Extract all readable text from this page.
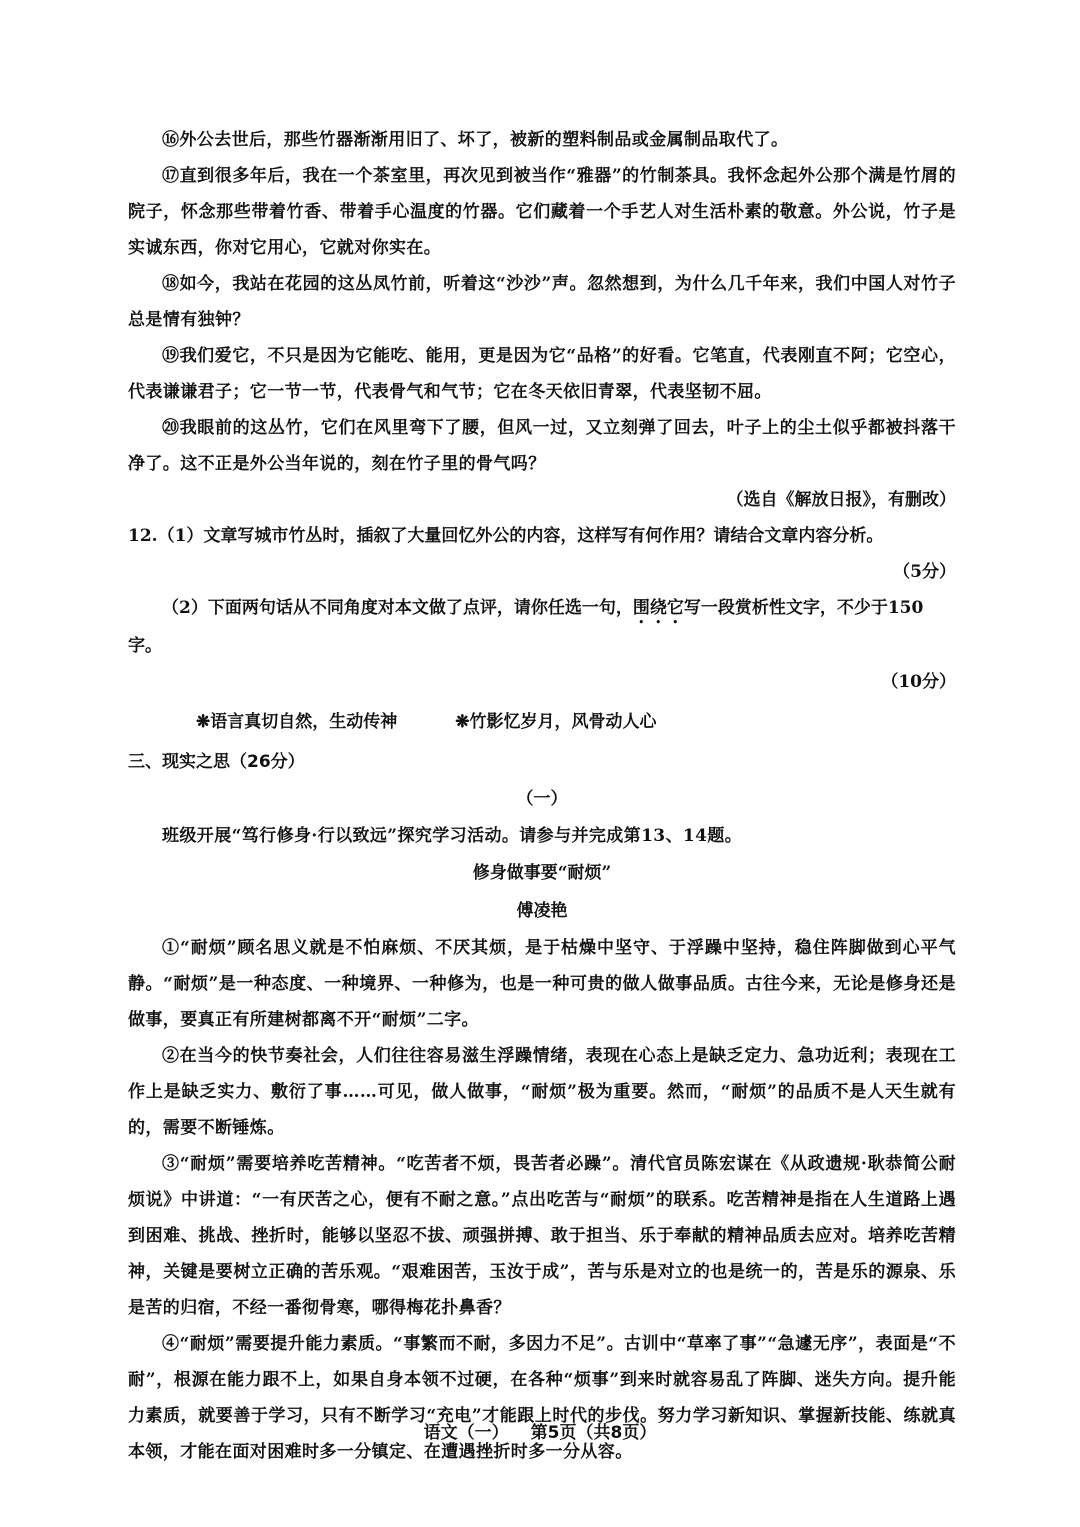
⑯外公去世后，那些竹器渐渐用旧了、坏了，被新的塑料制品或金属制品取代了。

⑰直到很多年后，我在一个茶室里，再次见到被当作“雅器”的竹制茶具。我怀念起外公那个满是竹屑的院子，怀念那些带着竹香、带着手心温度的竹器。它们藏着一个手艺人对生活朴素的敬意。外公说，竹子是实诚东西，你对它用心，它就对你实在。

⑱如今，我站在花园的这丛凤竹前，听着这“沙沙”声。忽然想到，为什么几千年来，我们中国人对竹子总是情有独钟？

⑲我们爱它，不只是因为它能吃、能用，更是因为它“品格”的好看。它笔直，代表刚直不阿；它空心，代表谦谦君子；它一节一节，代表骨气和气节；它在冬天依旧青翠，代表坚韧不屈。

⑳我眼前的这丛竹，它们在风里弯下了腰，但风一过，又立刻弹了回去，叶子上的尘土似乎都被抖落干净了。这不正是外公当年说的，刻在竹子里的骨气吗？

（选自《解放日报》，有删改）

12.（1）文章写城市竹丛时，插叙了大量回忆外公的内容，这样写有何作用？请结合文章内容分析。

（5分）

（2）下面两句话从不同角度对本文做了点评，请你任选一句，围绕它写一段赏析性文字，不少于150字。

（10分）

❋语言真切自然，生动传神	❋竹影忆岁月，风骨动人心

三、现实之思（26分）

（一）

班级开展“笃行修身·行以致远”探究学习活动。请参与并完成第13、14题。

修身做事要“耐烦”

傅凌艳

①“耐烦”顾名思义就是不怕麻烦、不厌其烦，是于枯燥中坚守、于浮躁中坚持，稳住阵脚做到心平气静。“耐烦”是一种态度、一种境界、一种修为，也是一种可贵的做人做事品质。古往今来，无论是修身还是做事，要真正有所建树都离不开“耐烦”二字。

②在当今的快节奏社会，人们往往容易滋生浮躁情绪，表现在心态上是缺乏定力、急功近利；表现在工作上是缺乏实力、敷衍了事……可见，做人做事，“耐烦”极为重要。然而，“耐烦”的品质不是人天生就有的，需要不断锤炼。

③“耐烦”需要培养吃苦精神。“吃苦者不烦，畏苦者必躁”。清代官员陈宏谋在《从政遗规·耿恭简公耐烦说》中讲道：“一有厌苦之心，便有不耐之意。”点出吃苦与“耐烦”的联系。吃苦精神是指在人生道路上遇到困难、挑战、挫折时，能够以坚忍不拔、顽强拼搏、敢于担当、乐于奉献的精神品质去应对。培养吃苦精神，关键是要树立正确的苦乐观。“艰难困苦，玉汝于成”，苦与乐是对立的也是统一的，苦是乐的源泉、乐是苦的归宿，不经一番彻骨寒，哪得梅花扑鼻香？

④“耐烦”需要提升能力素质。“事繁而不耐，多因力不足”。古训中“草率了事”“急遽无序”，表面是“不耐”，根源在能力跟不上，如果自身本领不过硬，在各种“烦事”到来时就容易乱了阵脚、迷失方向。提升能力素质，就要善于学习，只有不断学习“充电”才能跟上时代的步伐。努力学习新知识、掌握新技能、练就真本领，才能在面对困难时多一分镇定、在遭遇挫折时多一分从容。

语文（一） 第5页（共8页）
